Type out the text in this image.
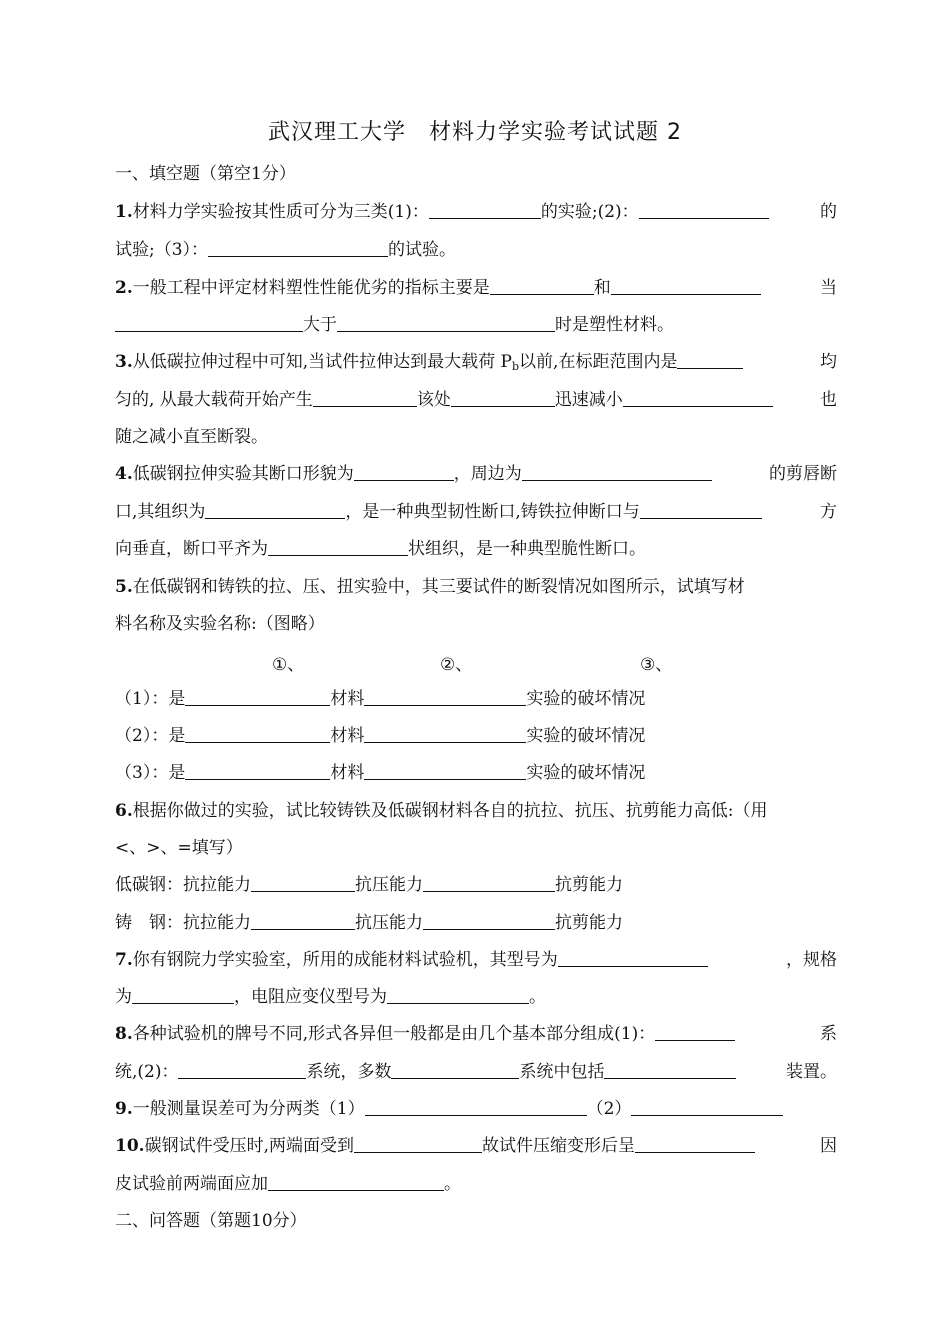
武汉理工大学　材料力学实验考试试题 2
一、填空题（第空1分）
1.材料力学实验按其性质可分为三类(1)：	的实验;(2)：	的
试验;（3）：	的试验。
2.一般工程中评定材料塑性性能优劣的指标主要是	和	当
大于	时是塑性材料。
3.从低碳拉伸过程中可知,当试件拉伸达到最大载荷 $P_b$以前,在标距范围内是	均
匀的, 从最大载荷开始产生	该处	迅速减小	也
随之减小直至断裂。
4.低碳钢拉伸实验其断口形貌为	，周边为	的剪唇断
口,其组织为	，是一种典型韧性断口,铸铁拉伸断口与	方
向垂直，断口平齐为	状组织，是一种典型脆性断口。
5.在低碳钢和铸铁的拉、压、扭实验中，其三要试件的断裂情况如图所示，试填写材
料名称及实验名称:（图略）
①、	②、	③、
（1）：是	材料	实验的破坏情况
（2）：是	材料	实验的破坏情况
（3）：是	材料	实验的破坏情况
6.根据你做过的实验，试比较铸铁及低碳钢材料各自的抗拉、抗压、抗剪能力高低:（用
<、>、=填写）
低碳钢：抗拉能力	抗压能力	抗剪能力
铸　钢：抗拉能力	抗压能力	抗剪能力
7.你有钢院力学实验室，所用的成能材料试验机，其型号为	，规格
为	，电阻应变仪型号为	。
8.各种试验机的牌号不同,形式各异但一般都是由几个基本部分组成(1)：	系
统,(2)：	系统，多数	系统中包括	装置。
9.一般测量误差可为分两类（1）	（2）
10.碳钢试件受压时,两端面受到	故试件压缩变形后呈	因
皮试验前两端面应加	。
二、问答题（第题10分）
